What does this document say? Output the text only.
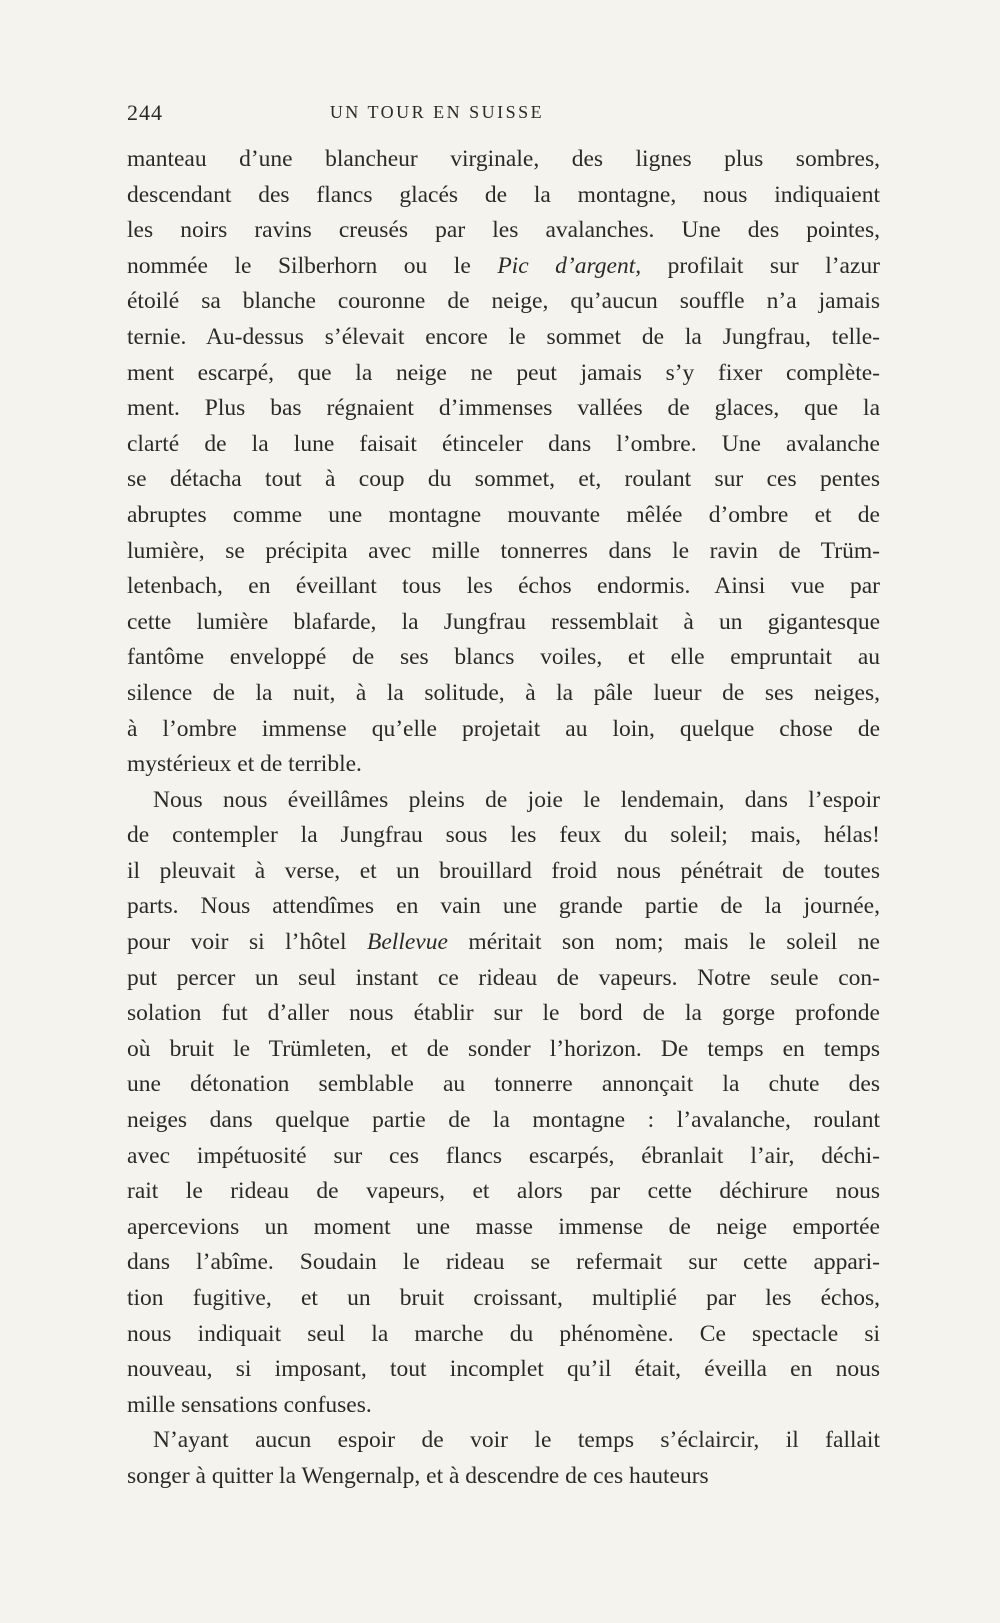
244	UN TOUR EN SUISSE
manteau d’une blancheur virginale, des lignes plus sombres,
descendant des flancs glacés de la montagne, nous indiquaient
les noirs ravins creusés par les avalanches. Une des pointes,
nommée le Silberhorn ou le Pic d’argent, profilait sur l’azur
étoilé sa blanche couronne de neige, qu’aucun souffle n’a jamais
ternie. Au-dessus s’élevait encore le sommet de la Jungfrau, telle-
ment escarpé, que la neige ne peut jamais s’y fixer complète-
ment. Plus bas régnaient d’immenses vallées de glaces, que la
clarté de la lune faisait étinceler dans l’ombre. Une avalanche
se détacha tout à coup du sommet, et, roulant sur ces pentes
abruptes comme une montagne mouvante mêlée d’ombre et de
lumière, se précipita avec mille tonnerres dans le ravin de Trüm-
letenbach, en éveillant tous les échos endormis. Ainsi vue par
cette lumière blafarde, la Jungfrau ressemblait à un gigantesque
fantôme enveloppé de ses blancs voiles, et elle empruntait au
silence de la nuit, à la solitude, à la pâle lueur de ses neiges,
à l’ombre immense qu’elle projetait au loin, quelque chose de
mystérieux et de terrible.
Nous nous éveillâmes pleins de joie le lendemain, dans l’espoir
de contempler la Jungfrau sous les feux du soleil; mais, hélas!
il pleuvait à verse, et un brouillard froid nous pénétrait de toutes
parts. Nous attendîmes en vain une grande partie de la journée,
pour voir si l’hôtel Bellevue méritait son nom; mais le soleil ne
put percer un seul instant ce rideau de vapeurs. Notre seule con-
solation fut d’aller nous établir sur le bord de la gorge profonde
où bruit le Trümleten, et de sonder l’horizon. De temps en temps
une détonation semblable au tonnerre annonçait la chute des
neiges dans quelque partie de la montagne : l’avalanche, roulant
avec impétuosité sur ces flancs escarpés, ébranlait l’air, déchi-
rait le rideau de vapeurs, et alors par cette déchirure nous
apercevions un moment une masse immense de neige emportée
dans l’abîme. Soudain le rideau se refermait sur cette appari-
tion fugitive, et un bruit croissant, multiplié par les échos,
nous indiquait seul la marche du phénomène. Ce spectacle si
nouveau, si imposant, tout incomplet qu’il était, éveilla en nous
mille sensations confuses.
N’ayant aucun espoir de voir le temps s’éclaircir, il fallait
songer à quitter la Wengernalp, et à descendre de ces hauteurs
